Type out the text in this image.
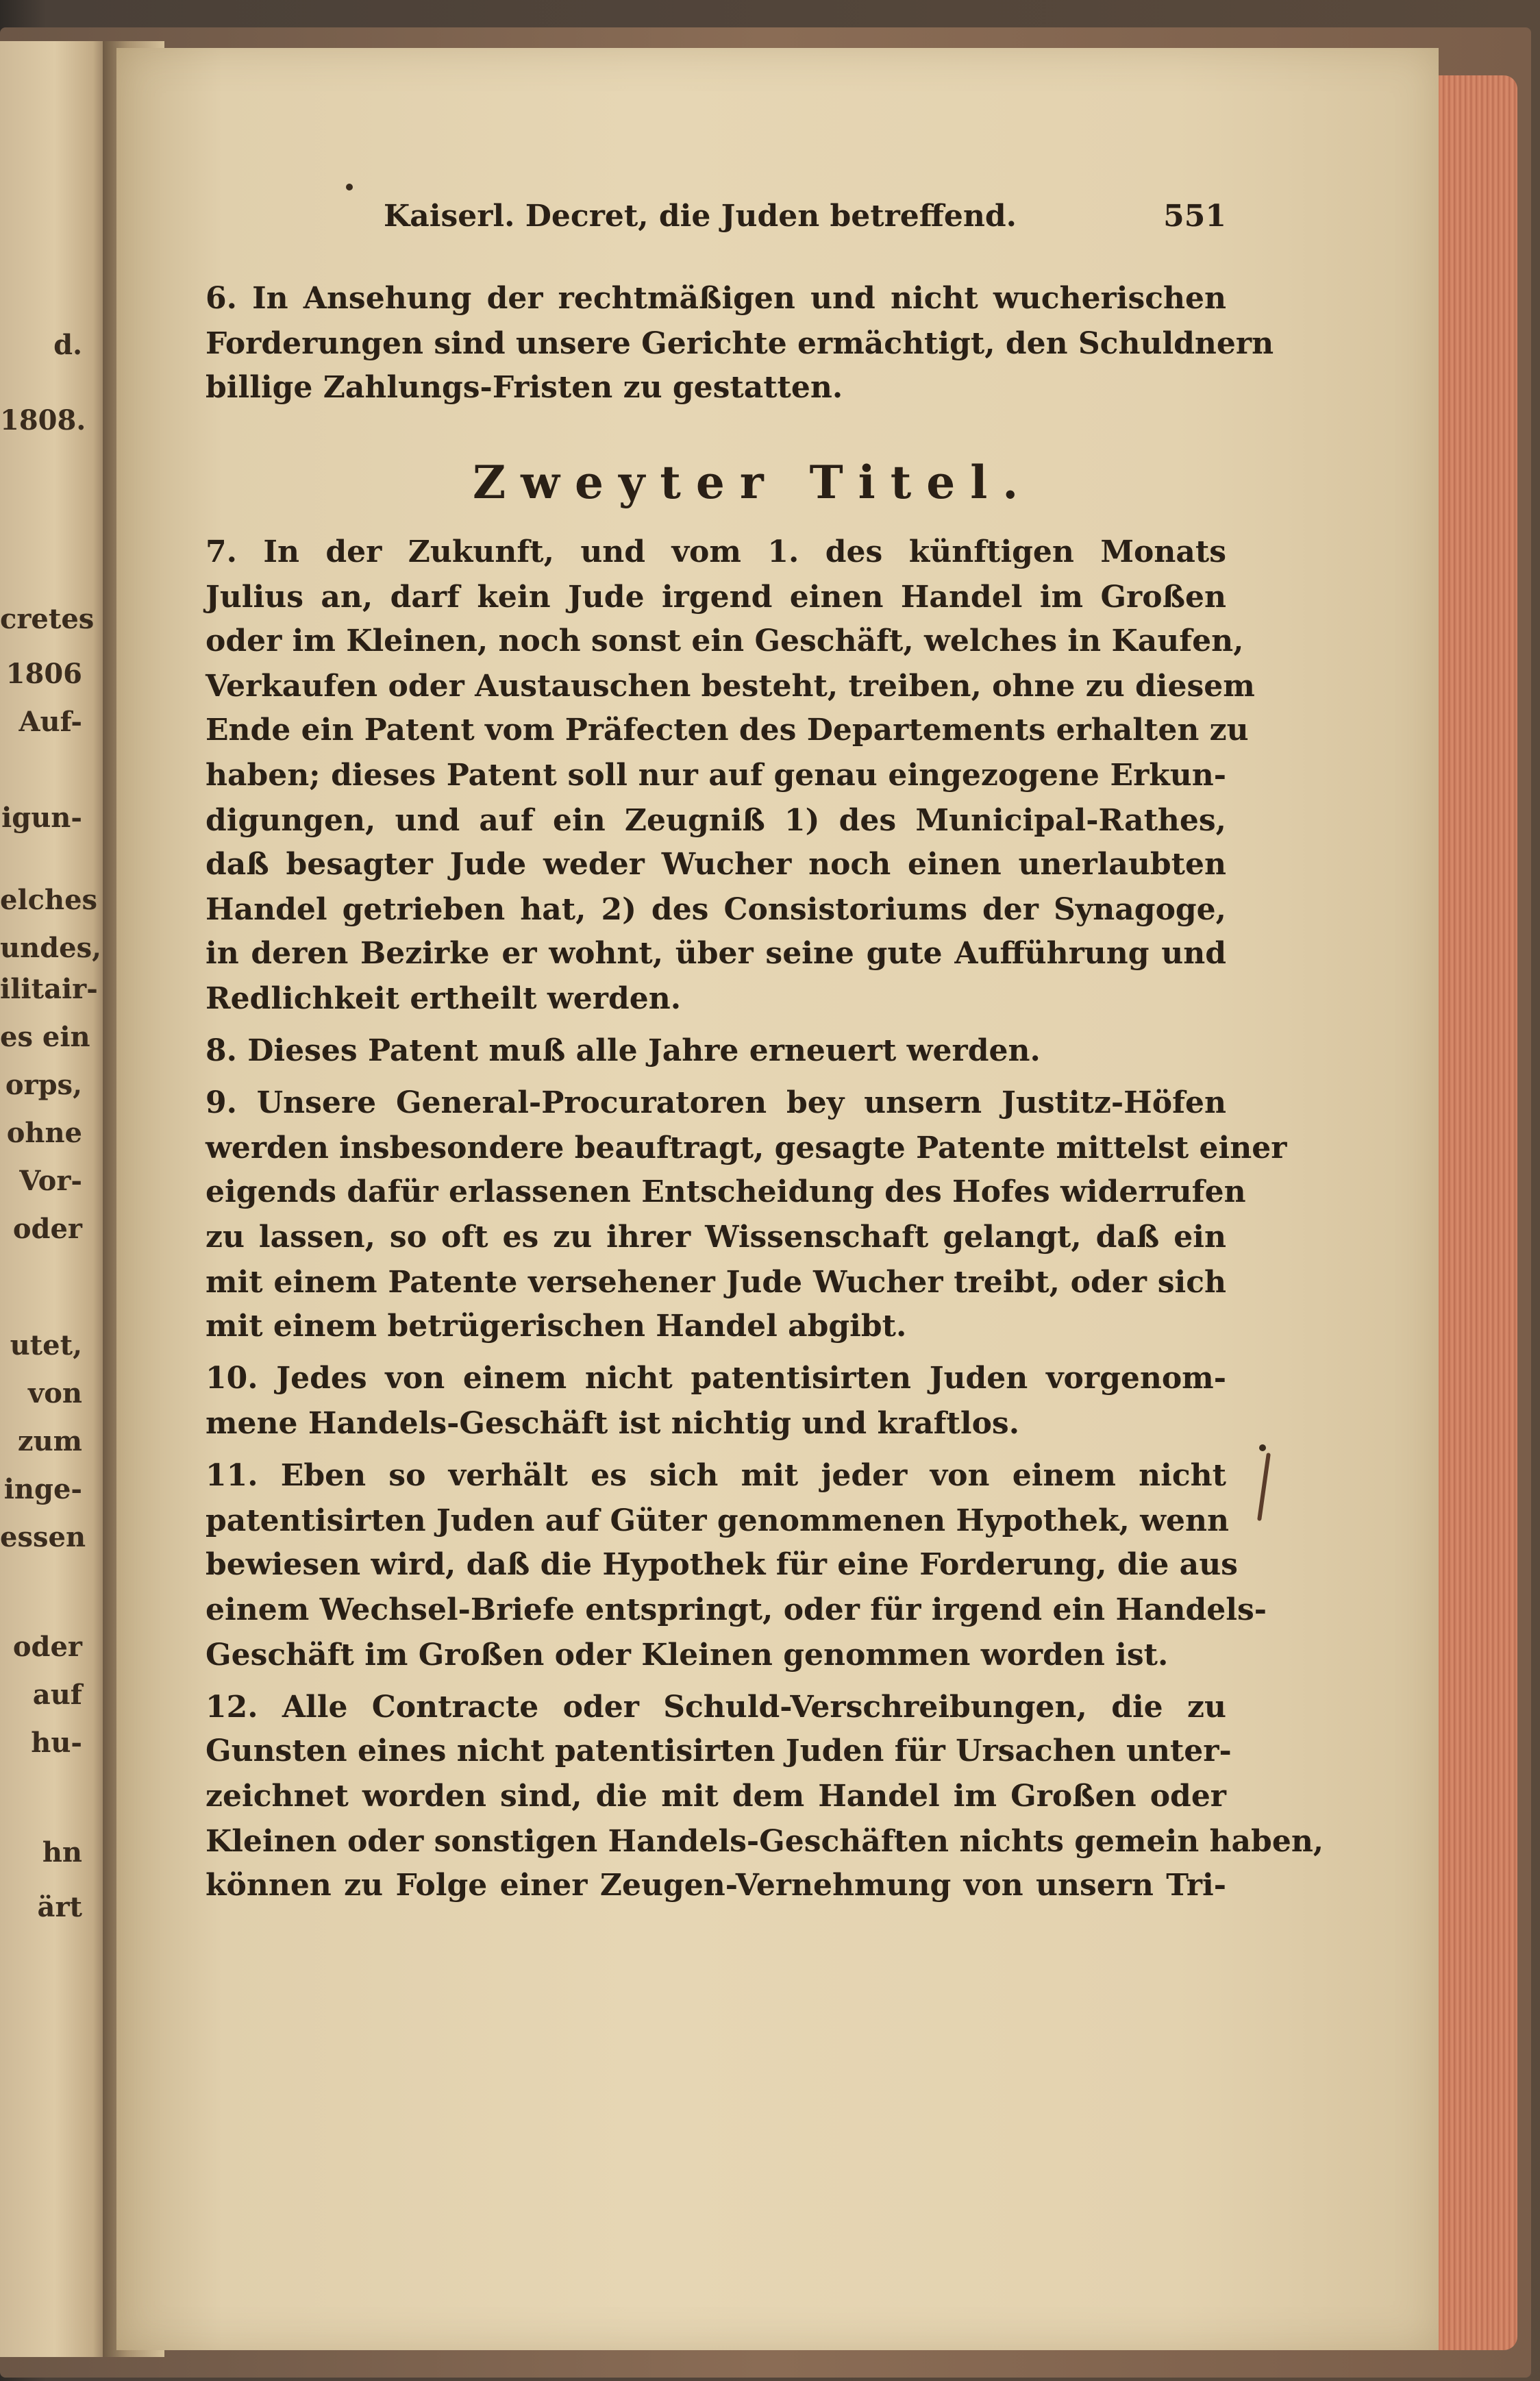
d.
1808.
cretes
1806
Auf-
igun-
elches
undes,
ilitair-
es ein
orps,
ohne
Vor-
oder
utet,
von
zum
inge-
essen
oder
auf
hu-
hn
ärt
Kaiserl. Decret, die Juden betreffend.	551
6. In Ansehung der rechtmäßigen und nicht wucherischen
Forderungen sind unsere Gerichte ermächtigt, den Schuldnern
billige Zahlungs-Fristen zu gestatten.
7. In der Zukunft, und vom 1. des künftigen Monats
Julius an, darf kein Jude irgend einen Handel im Großen
oder im Kleinen, noch sonst ein Geschäft, welches in Kaufen,
Verkaufen oder Austauschen besteht, treiben, ohne zu diesem
Ende ein Patent vom Präfecten des Departements erhalten zu
haben; dieses Patent soll nur auf genau eingezogene Erkun-
digungen, und auf ein Zeugniß 1) des Municipal-Rathes,
daß besagter Jude weder Wucher noch einen unerlaubten
Handel getrieben hat, 2) des Consistoriums der Synagoge,
in deren Bezirke er wohnt, über seine gute Aufführung und
Redlichkeit ertheilt werden.
8. Dieses Patent muß alle Jahre erneuert werden.
9. Unsere General-Procuratoren bey unsern Justitz-Höfen
werden insbesondere beauftragt, gesagte Patente mittelst einer
eigends dafür erlassenen Entscheidung des Hofes widerrufen
zu lassen, so oft es zu ihrer Wissenschaft gelangt, daß ein
mit einem Patente versehener Jude Wucher treibt, oder sich
mit einem betrügerischen Handel abgibt.
10. Jedes von einem nicht patentisirten Juden vorgenom-
mene Handels-Geschäft ist nichtig und kraftlos.
11. Eben so verhält es sich mit jeder von einem nicht
patentisirten Juden auf Güter genommenen Hypothek, wenn
bewiesen wird, daß die Hypothek für eine Forderung, die aus
einem Wechsel-Briefe entspringt, oder für irgend ein Handels-
Geschäft im Großen oder Kleinen genommen worden ist.
12. Alle Contracte oder Schuld-Verschreibungen, die zu
Gunsten eines nicht patentisirten Juden für Ursachen unter-
zeichnet worden sind, die mit dem Handel im Großen oder
Kleinen oder sonstigen Handels-Geschäften nichts gemein haben,
können zu Folge einer Zeugen-Vernehmung von unsern Tri-
Zweyter Titel.
